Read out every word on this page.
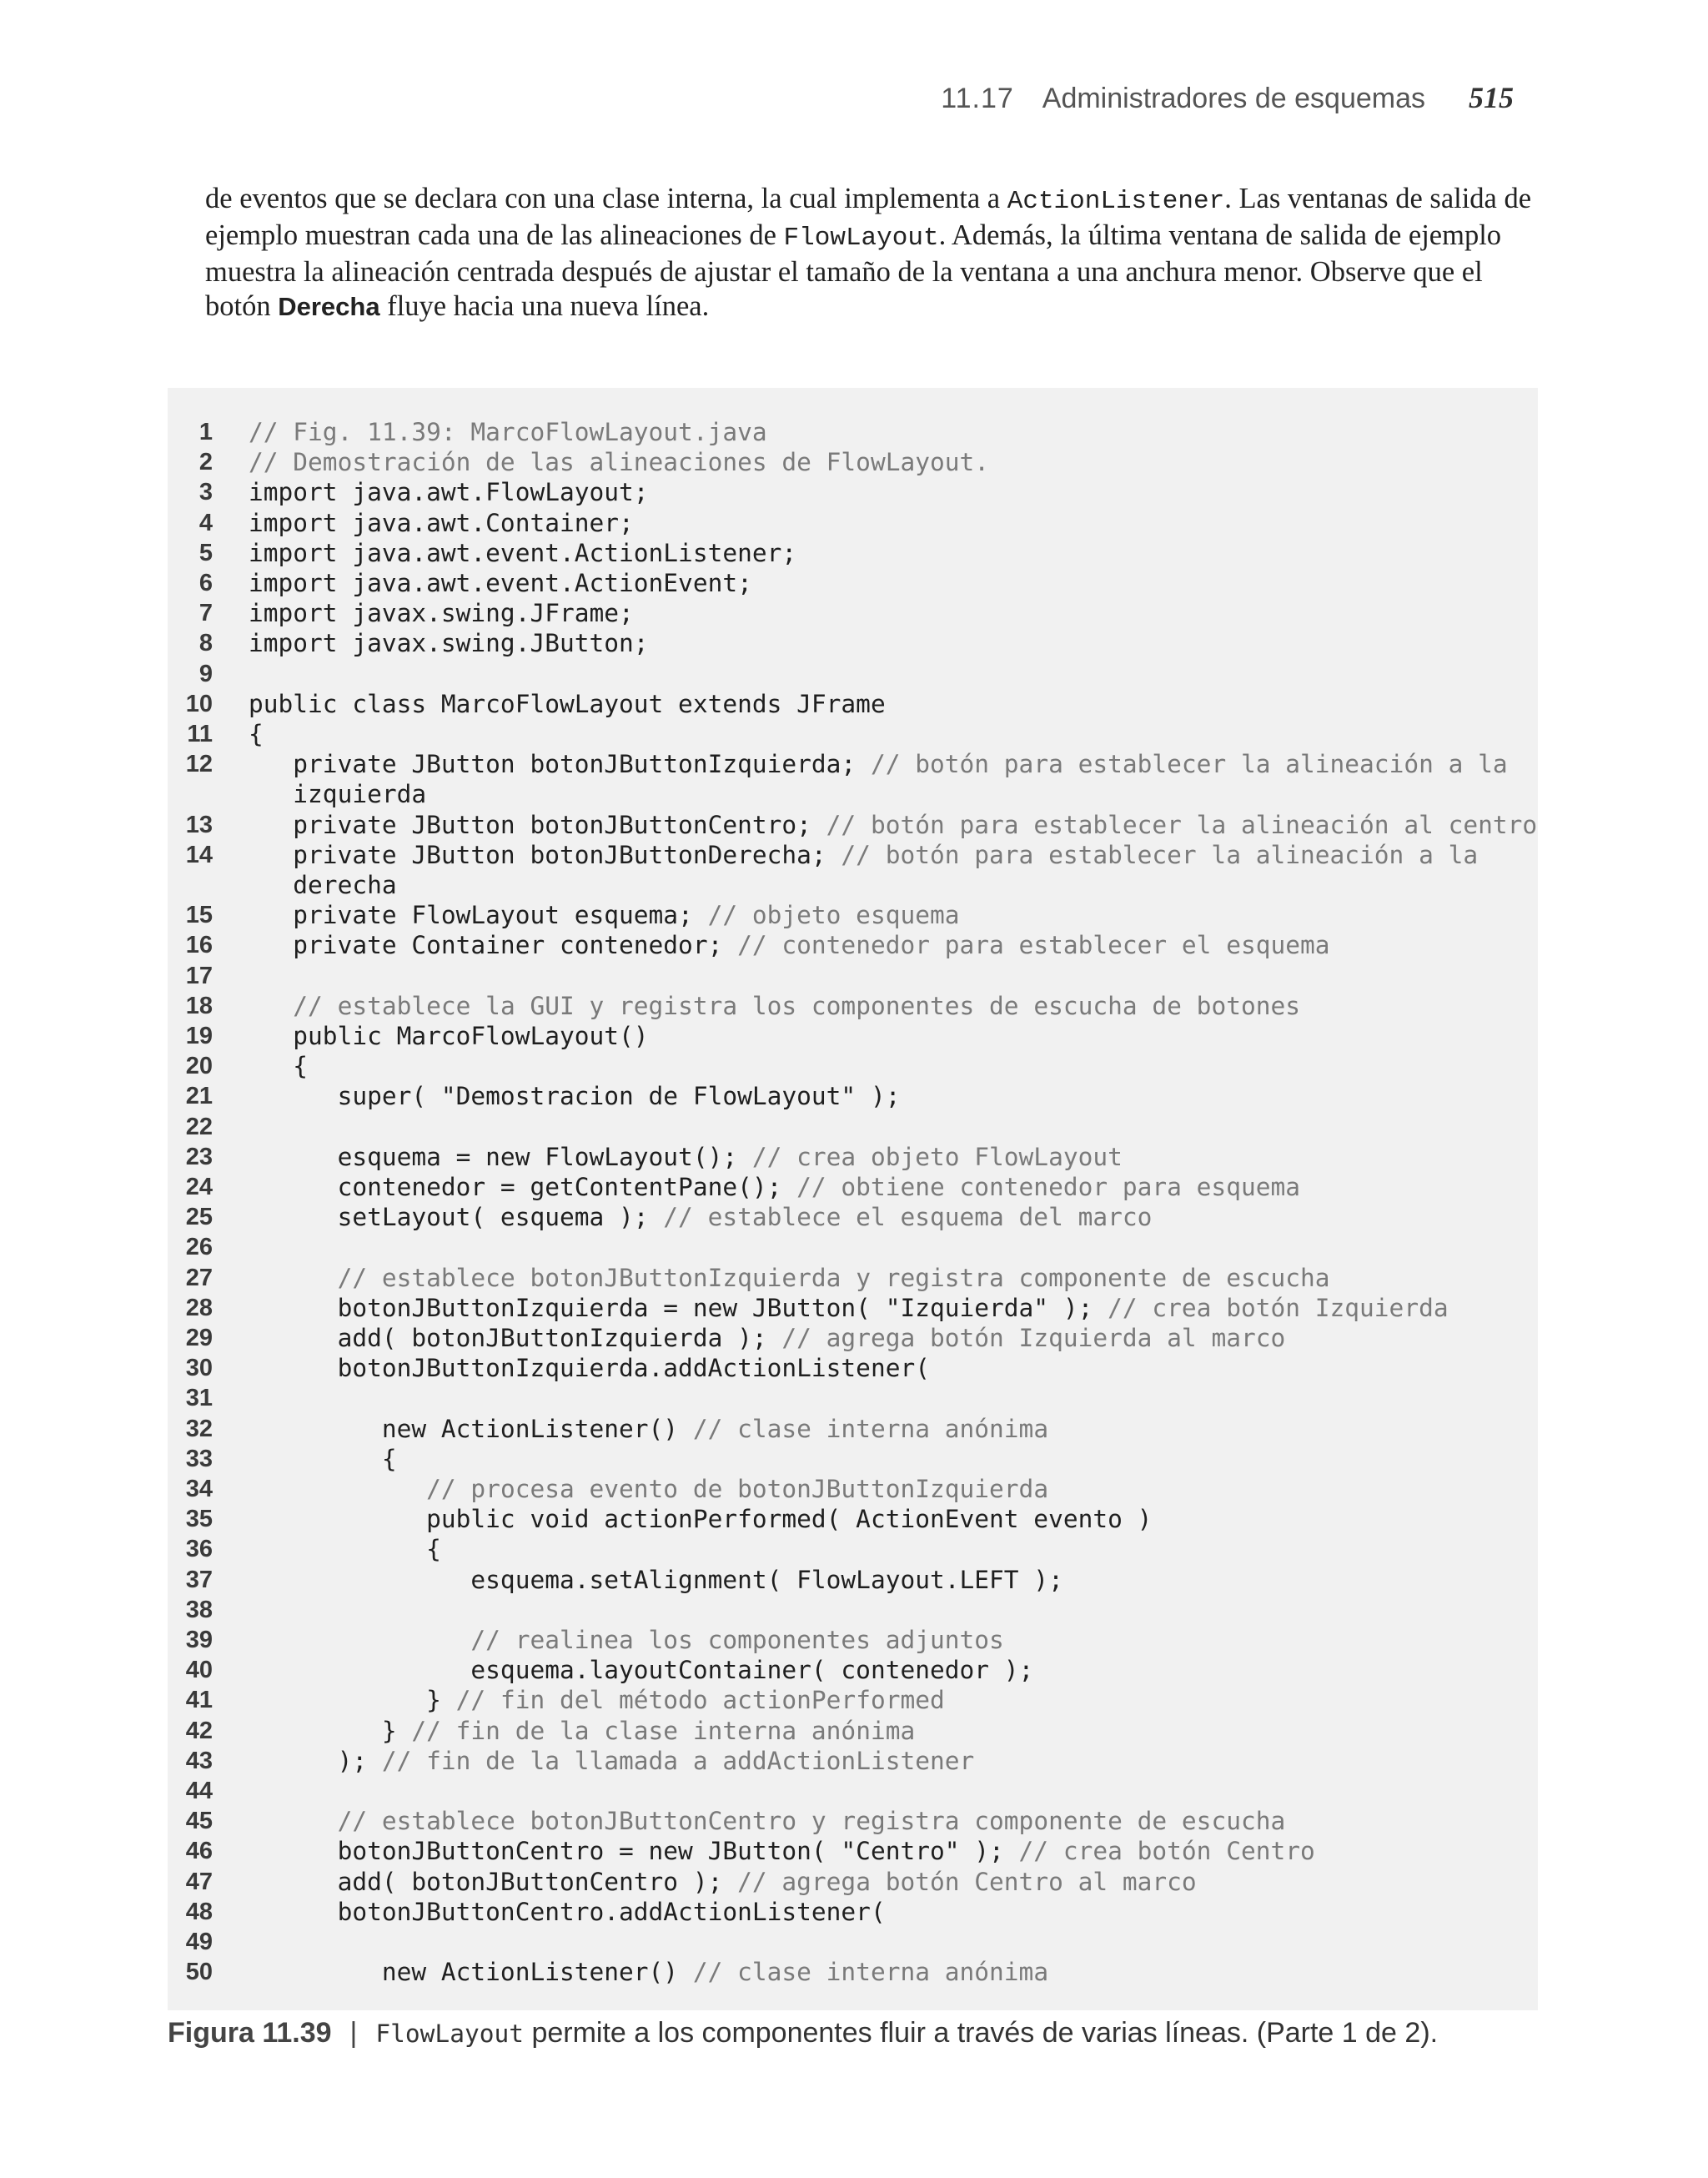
11.17 Administradores de esquemas 515

de eventos que se declara con una clase interna, la cual implementa a ActionListener. Las ventanas de salida de

ejemplo muestran cada una de las alineaciones de FlowLayout. Además, la última ventana de salida de ejemplo

muestra la alineación centrada después de ajustar el tamaño de la ventana a una anchura menor. Observe que el

botón Derecha fluye hacia una nueva línea.

1 // Fig. 11.39: MarcoFlowLayout.java
2 // Demostración de las alineaciones de FlowLayout.
3 import java.awt.FlowLayout;
4 import java.awt.Container;
5 import java.awt.event.ActionListener;
6 import java.awt.event.ActionEvent;
7 import javax.swing.JFrame;
8 import javax.swing.JButton;
9
10 public class MarcoFlowLayout extends JFrame
11 {
12 private JButton botonJButtonIzquierda; // botón para establecer la alineación a la
izquierda
13 private JButton botonJButtonCentro; // botón para establecer la alineación al centro
14 private JButton botonJButtonDerecha; // botón para establecer la alineación a la
derecha
15 private FlowLayout esquema; // objeto esquema
16 private Container contenedor; // contenedor para establecer el esquema
17
18	// establece la GUI y registra los componentes de escucha de botones
19 public MarcoFlowLayout()
20 {
21 super( "Demostracion de FlowLayout" );
22
23 esquema = new FlowLayout(); // crea objeto FlowLayout
24 contenedor = getContentPane(); // obtiene contenedor para esquema
25 setLayout( esquema ); // establece el esquema del marco
26
27	// establece botonJButtonIzquierda y registra componente de escucha
28 botonJButtonIzquierda = new JButton( "Izquierda" ); // crea botón Izquierda
29 add( botonJButtonIzquierda ); // agrega botón Izquierda al marco
30 botonJButtonIzquierda.addActionListener(
31
32 new ActionListener() // clase interna anónima
33 {
34	// procesa evento de botonJButtonIzquierda
35 public void actionPerformed( ActionEvent evento )
36 {
37 esquema.setAlignment( FlowLayout.LEFT );
38
39	// realinea los componentes adjuntos
40 esquema.layoutContainer( contenedor );
41 } // fin del método actionPerformed
42 } // fin de la clase interna anónima
43 ); // fin de la llamada a addActionListener
44
45	// establece botonJButtonCentro y registra componente de escucha
46 botonJButtonCentro = new JButton( "Centro" ); // crea botón Centro
47 add( botonJButtonCentro ); // agrega botón Centro al marco
48 botonJButtonCentro.addActionListener(
49
50 new ActionListener() // clase interna anónima
Figura 11.39 | FlowLayout permite a los componentes fluir a través de varias líneas. (Parte 1 de 2).
